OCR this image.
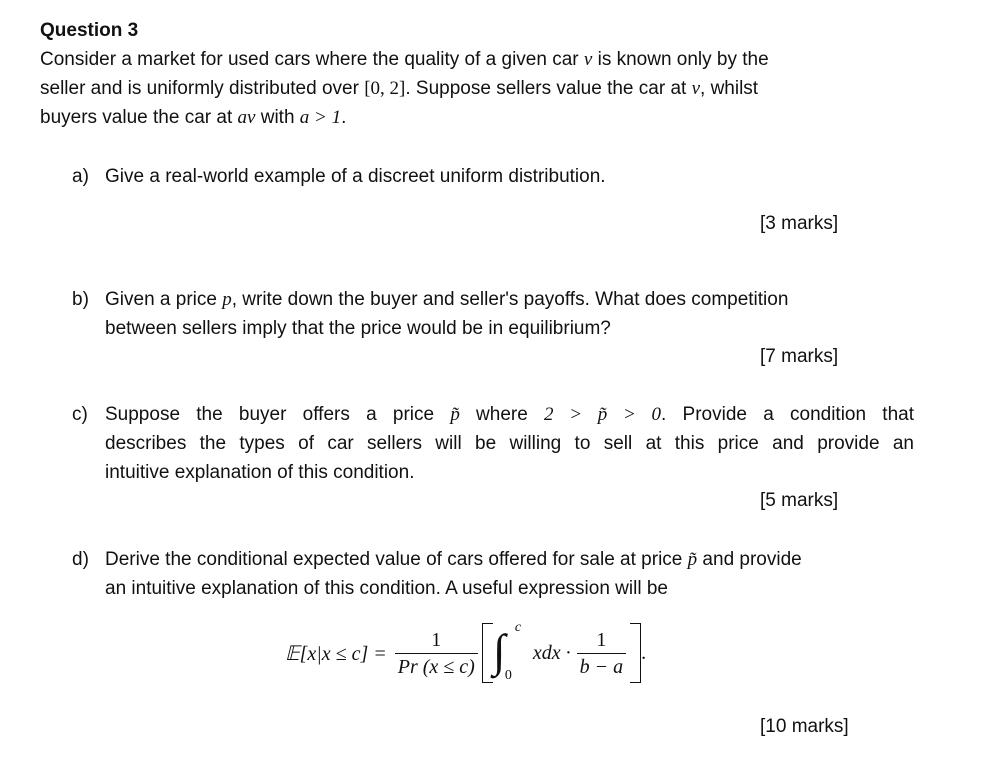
Question 3
Consider a market for used cars where the quality of a given car v is known only by the
seller and is uniformly distributed over [0, 2]. Suppose sellers value the car at v, whilst
buyers value the car at av with a > 1.
a) Give a real-world example of a discreet uniform distribution.
[3 marks]
b) Given a price p, write down the buyer and seller's payoffs. What does competition
between sellers imply that the price would be in equilibrium?
[7 marks]
c) Suppose the buyer offers a price p̃ where 2 > p̃ > 0. Provide a condition that
describes the types of car sellers will be willing to sell at this price and provide an
intuitive explanation of this condition.
[5 marks]
d) Derive the conditional expected value of cars offered for sale at price p̃ and provide
an intuitive explanation of this condition. A useful expression will be
𝔼[x|x ≤ $c] = \frac{1}{Pr (x \le c)}$ ∫ c
0
xdx · $\frac{1}{b - a}$ .
[10 marks]
